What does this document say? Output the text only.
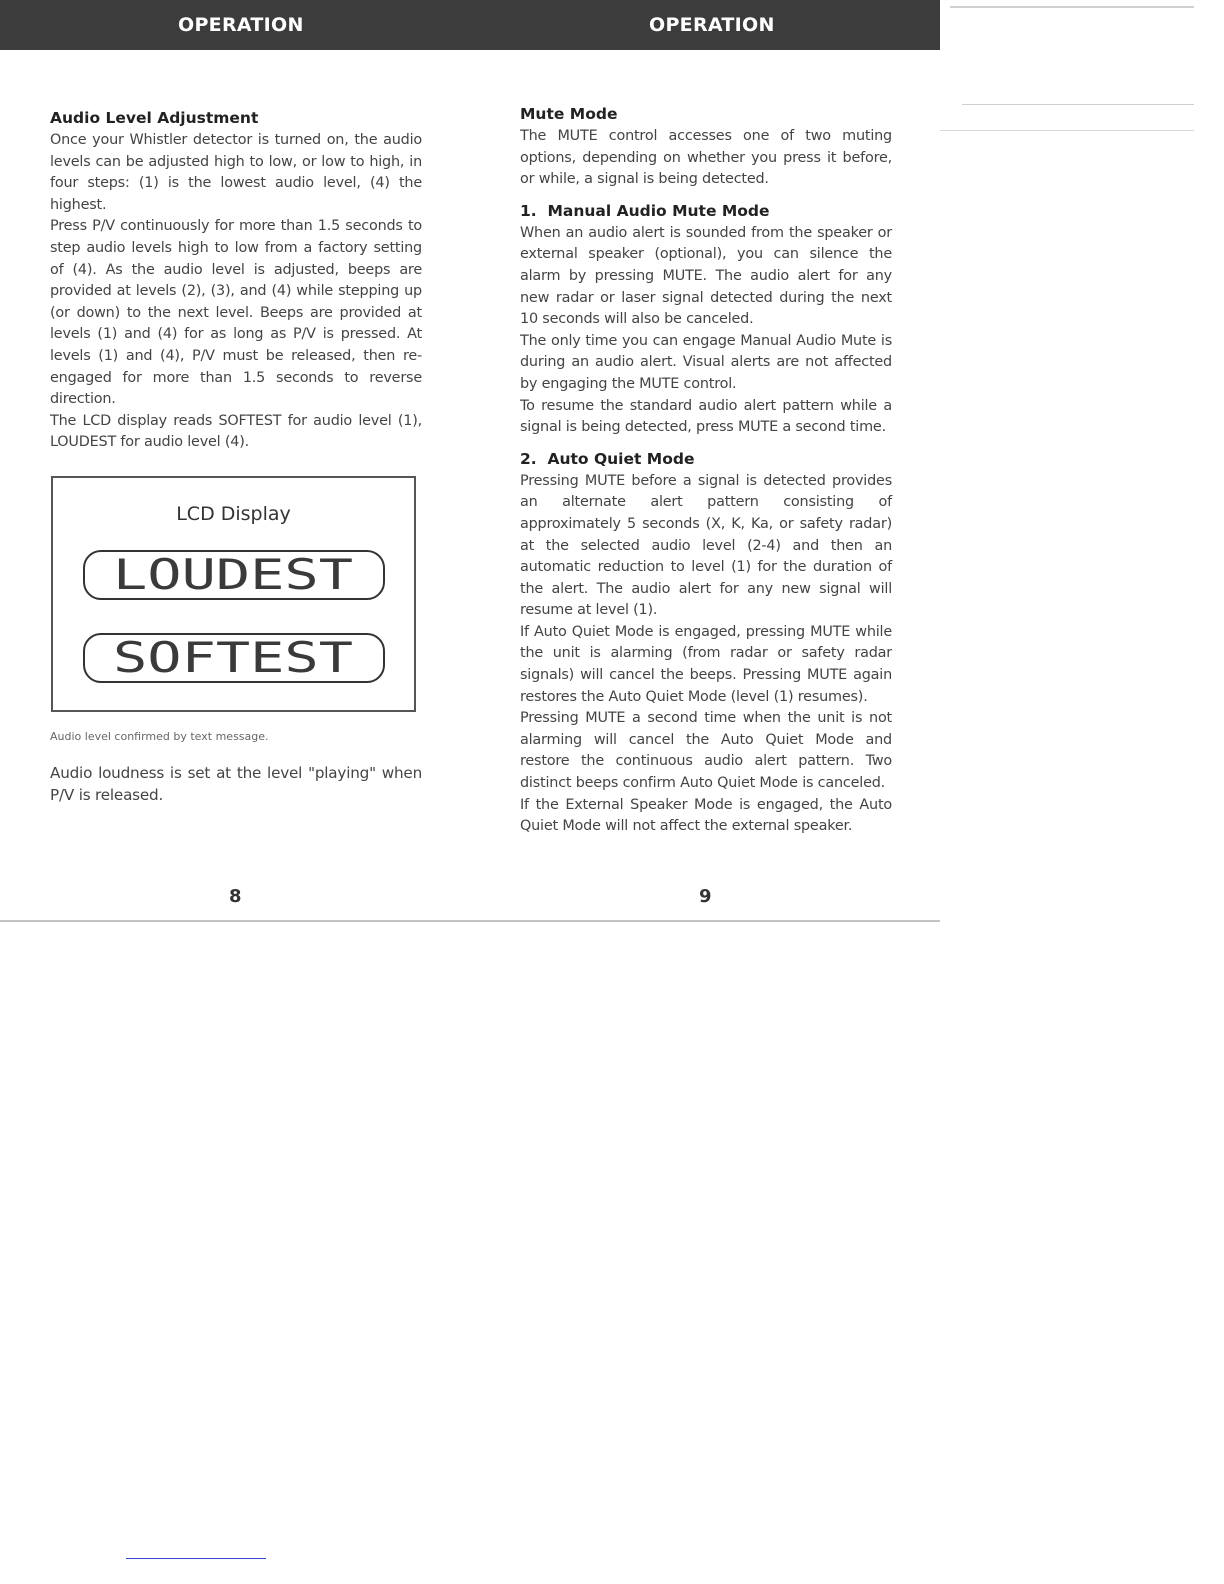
OPERATION	OPERATION
Audio Level Adjustment

Once your Whistler detector is turned on, the audio levels can be adjusted high to low, or low to high, in four steps: (1) is the lowest audio level, (4) the highest.

Press P/V continuously for more than 1.5 seconds to step audio levels high to low from a factory setting of (4). As the audio level is adjusted, beeps are provided at levels (2), (3), and (4) while stepping up (or down) to the next level. Beeps are provided at levels (1) and (4) for as long as P/V is pressed. At levels (1) and (4), P/V must be released, then re-engaged for more than 1.5 seconds to reverse direction.

The LCD display reads SOFTEST for audio level (1), LOUDEST for audio level (4).

LCD Display
LOUDEST
SOFTEST
Audio level confirmed by text message.

Audio loudness is set at the level "playing" when P/V is released.

Mute Mode

The MUTE control accesses one of two muting options, depending on whether you press it before, or while, a signal is being detected.

1.  Manual Audio Mute Mode

When an audio alert is sounded from the speaker or external speaker (optional), you can silence the alarm by pressing MUTE. The audio alert for any new radar or laser signal detected during the next 10 seconds will also be canceled.

The only time you can engage Manual Audio Mute is during an audio alert. Visual alerts are not affected by engaging the MUTE control.

To resume the standard audio alert pattern while a signal is being detected, press MUTE a second time.

2.  Auto Quiet Mode

Pressing MUTE before a signal is detected provides an alternate alert pattern consisting of approximately 5 seconds (X, K, Ka, or safety radar) at the selected audio level (2-4) and then an automatic reduction to level (1) for the duration of the alert. The audio alert for any new signal will resume at level (1).

If Auto Quiet Mode is engaged, pressing MUTE while the unit is alarming (from radar or safety radar signals) will cancel the beeps. Pressing MUTE again restores the Auto Quiet Mode (level (1) resumes).

Pressing MUTE a second time when the unit is not alarming will cancel the Auto Quiet Mode and restore the continuous audio alert pattern. Two distinct beeps confirm Auto Quiet Mode is canceled.

If the External Speaker Mode is engaged, the Auto Quiet Mode will not affect the external speaker.

8	9
